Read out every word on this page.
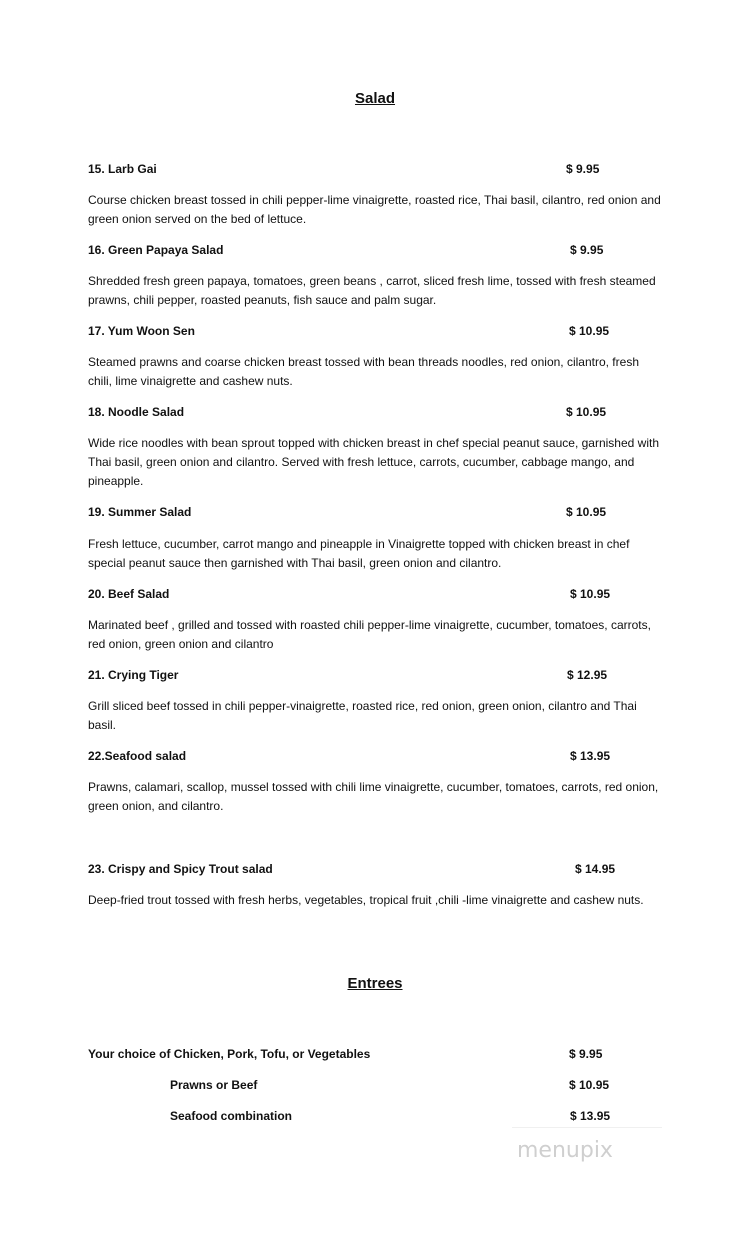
Salad
15. Larb Gai	$ 9.95

Course chicken breast tossed in chili pepper-lime vinaigrette, roasted rice, Thai basil, cilantro, red onion and green onion served on the bed of lettuce.

16. Green Papaya Salad	$ 9.95

Shredded fresh green papaya, tomatoes, green beans , carrot, sliced fresh lime, tossed with fresh steamed prawns, chili pepper, roasted peanuts, fish sauce and palm sugar.

17. Yum Woon Sen	$ 10.95

Steamed prawns and coarse chicken breast tossed with bean threads noodles, red onion, cilantro, fresh chili, lime vinaigrette and cashew nuts.

18. Noodle Salad	$ 10.95

Wide rice noodles with bean sprout topped with chicken breast in chef special peanut sauce, garnished with Thai basil, green onion and cilantro. Served with fresh lettuce, carrots, cucumber, cabbage mango, and pineapple.

19. Summer Salad	$ 10.95

Fresh lettuce, cucumber, carrot mango and pineapple in Vinaigrette topped with chicken breast in chef special peanut sauce then garnished with Thai basil, green onion and cilantro.

20. Beef Salad	$ 10.95

Marinated beef , grilled and tossed with roasted chili pepper-lime vinaigrette, cucumber, tomatoes, carrots, red onion, green onion and cilantro

21. Crying Tiger	$ 12.95

Grill sliced beef tossed in chili pepper-vinaigrette, roasted rice, red onion, green onion, cilantro and Thai basil.

22.Seafood salad	$ 13.95

Prawns, calamari, scallop, mussel tossed with chili lime vinaigrette, cucumber, tomatoes, carrots, red onion, green onion, and cilantro.

23. Crispy and Spicy Trout salad	$ 14.95

Deep-fried trout tossed with fresh herbs, vegetables, tropical fruit ,chili -lime vinaigrette and cashew nuts.

Entrees
Your choice of Chicken, Pork, Tofu, or Vegetables	$ 9.95
Prawns or Beef	$ 10.95
Seafood combination	$ 13.95
menupix
